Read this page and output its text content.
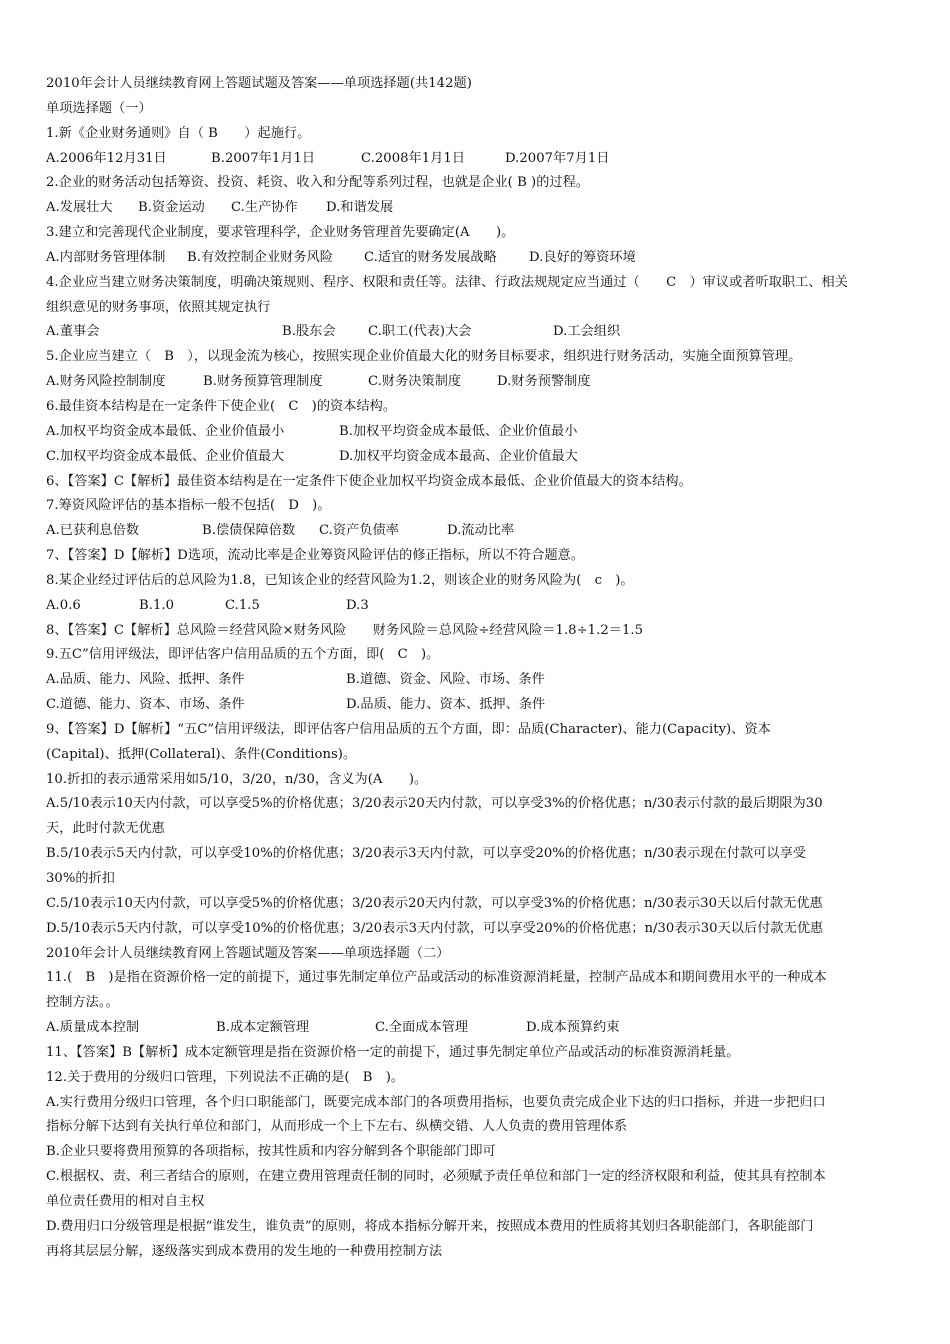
2010年会计人员继续教育网上答题试题及答案——单项选择题(共142题)
单项选择题（一）
1.新《企业财务通则》自（ B　　）起施行。
A.2006年12月31日	B.2007年1月1日	C.2008年1月1日	D.2007年7月1日
2.企业的财务活动包括筹资、投资、耗资、收入和分配等系列过程，也就是企业( B )的过程。
A.发展壮大	B.资金运动	C.生产协作	D.和谐发展
3.建立和完善现代企业制度，要求管理科学，企业财务管理首先要确定(A　　)。
A.内部财务管理体制	B.有效控制企业财务风险	C.适宜的财务发展战略	D.良好的筹资环境
4.企业应当建立财务决策制度，明确决策规则、程序、权限和责任等。法律、行政法规规定应当通过（　　C　）审议或者听取职工、相关
组织意见的财务事项，依照其规定执行
A.董事会	B.股东会	C.职工(代表)大会	D.工会组织
5.企业应当建立（　B　），以现金流为核心，按照实现企业价值最大化的财务目标要求，组织进行财务活动，实施全面预算管理。
A.财务风险控制制度	B.财务预算管理制度	C.财务决策制度	D.财务预警制度
6.最佳资本结构是在一定条件下使企业(　C　)的资本结构。
A.加权平均资金成本最低、企业价值最小	B.加权平均资金成本最低、企业价值最小
C.加权平均资金成本最低、企业价值最大	D.加权平均资金成本最高、企业价值最大
6、【答案】C【解析】最佳资本结构是在一定条件下使企业加权平均资金成本最低、企业价值最大的资本结构。
7.筹资风险评估的基本指标一般不包括(　D　)。
A.已获利息倍数	B.偿债保障倍数	C.资产负债率	D.流动比率
7、【答案】D【解析】D选项，流动比率是企业筹资风险评估的修正指标，所以不符合题意。
8.某企业经过评估后的总风险为1.8，已知该企业的经营风险为1.2，则该企业的财务风险为(　c　)。
A.0.6	B.1.0	C.1.5	D.3
8、【答案】C【解析】总风险＝经营风险×财务风险　　财务风险＝总风险÷经营风险＝1.8÷1.2＝1.5
9.五C”信用评级法，即评估客户信用品质的五个方面，即(　C　)。
A.品质、能力、风险、抵押、条件	B.道德、资金、风险、市场、条件
C.道德、能力、资本、市场、条件	D.品质、能力、资本、抵押、条件
9、【答案】D【解析】“五C”信用评级法，即评估客户信用品质的五个方面，即：品质(Character)、能力(Capacity)、资本
(Capital)、抵押(Collateral)、条件(Conditions)。
10.折扣的表示通常采用如5/10，3/20，n/30，含义为(A　　)。
A.5/10表示10天内付款，可以享受5%的价格优惠；3/20表示20天内付款，可以享受3%的价格优惠；n/30表示付款的最后期限为30
天，此时付款无优惠
B.5/10表示5天内付款，可以享受10%的价格优惠；3/20表示3天内付款，可以享受20%的价格优惠；n/30表示现在付款可以享受
30%的折扣
C.5/10表示10天内付款，可以享受5%的价格优惠；3/20表示20天内付款，可以享受3%的价格优惠；n/30表示30天以后付款无优惠
D.5/10表示5天内付款，可以享受10%的价格优惠；3/20表示3天内付款，可以享受20%的价格优惠；n/30表示30天以后付款无优惠
2010年会计人员继续教育网上答题试题及答案——单项选择题（二）
11.(　B　)是指在资源价格一定的前提下，通过事先制定单位产品或活动的标准资源消耗量，控制产品成本和期间费用水平的一种成本
控制方法。。
A.质量成本控制	B.成本定额管理	C.全面成本管理	D.成本预算约束
11、【答案】B【解析】成本定额管理是指在资源价格一定的前提下，通过事先制定单位产品或活动的标准资源消耗量。
12.关于费用的分级归口管理，下列说法不正确的是(　B　)。
A.实行费用分级归口管理，各个归口职能部门，既要完成本部门的各项费用指标，也要负责完成企业下达的归口指标，并进一步把归口
指标分解下达到有关执行单位和部门，从而形成一个上下左右、纵横交错、人人负责的费用管理体系
B.企业只要将费用预算的各项指标，按其性质和内容分解到各个职能部门即可
C.根据权、责、利三者结合的原则，在建立费用管理责任制的同时，必须赋予责任单位和部门一定的经济权限和利益，使其具有控制本
单位责任费用的相对自主权
D.费用归口分级管理是根据“谁发生，谁负责”的原则，将成本指标分解开来，按照成本费用的性质将其划归各职能部门，各职能部门
再将其层层分解，逐级落实到成本费用的发生地的一种费用控制方法
